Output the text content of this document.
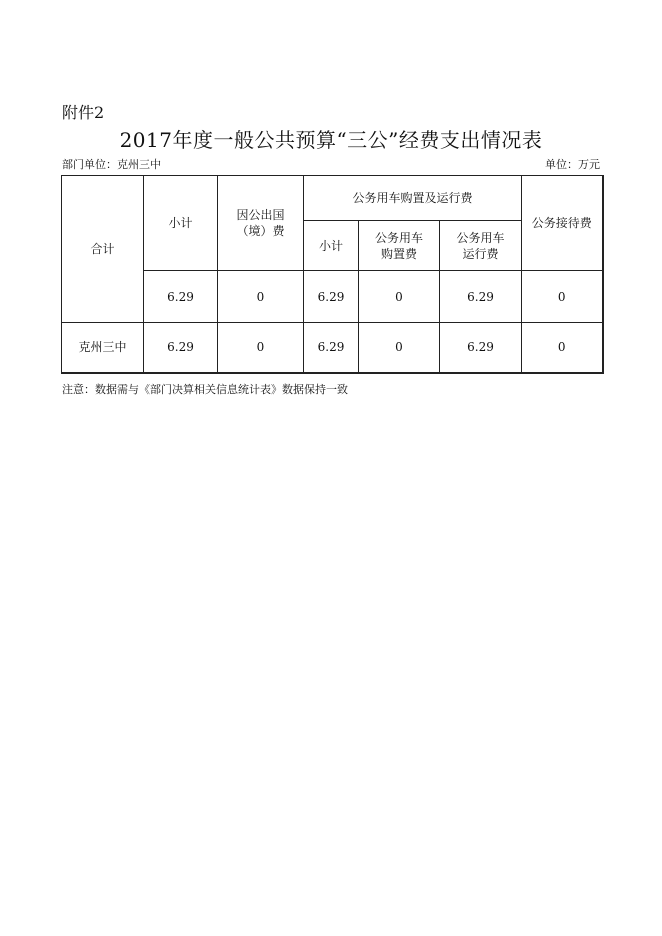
附件2
2017年度一般公共预算“三公”经费支出情况表
部门单位：克州三中	单位：万元
合计	小计	因公出国（境）费	公务用车购置及运行费			公务接待费
			小计	公务用车购置费	公务用车运行费	
	6.29	0	6.29	0	6.29	0
克州三中	6.29	0	6.29	0	6.29	0
注意：数据需与《部门决算相关信息统计表》数据保持一致
